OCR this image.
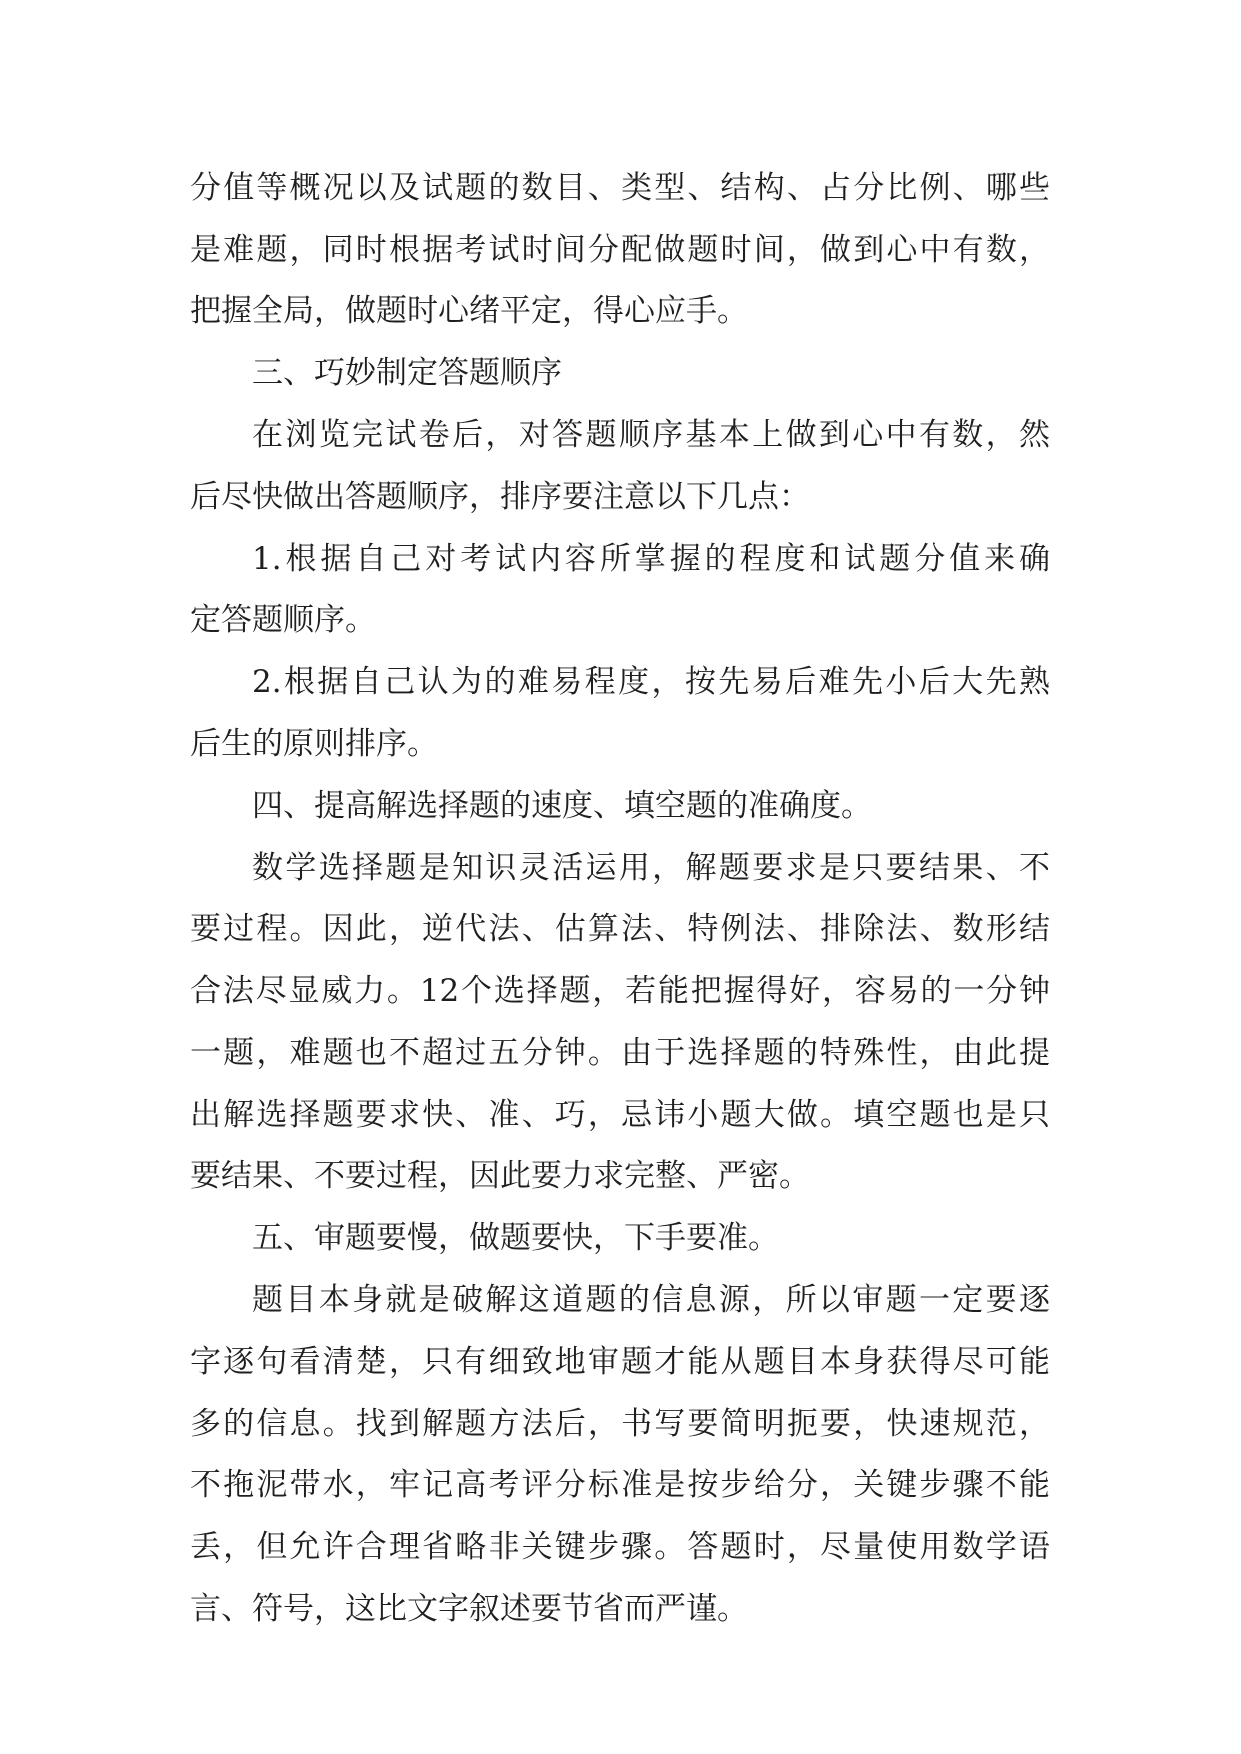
分值等概况以及试题的数目、类型、结构、占分比例、哪些
是难题，同时根据考试时间分配做题时间，做到心中有数，
把握全局，做题时心绪平定，得心应手。
三、巧妙制定答题顺序
在浏览完试卷后，对答题顺序基本上做到心中有数，然
后尽快做出答题顺序，排序要注意以下几点：
1.根据自己对考试内容所掌握的程度和试题分值来确
定答题顺序。
2.根据自己认为的难易程度，按先易后难先小后大先熟
后生的原则排序。
四、提高解选择题的速度、填空题的准确度。
数学选择题是知识灵活运用，解题要求是只要结果、不
要过程。因此，逆代法、估算法、特例法、排除法、数形结
合法尽显威力。12个选择题，若能把握得好，容易的一分钟
一题，难题也不超过五分钟。由于选择题的特殊性，由此提
出解选择题要求快、准、巧，忌讳小题大做。填空题也是只
要结果、不要过程，因此要力求完整、严密。
五、审题要慢，做题要快，下手要准。
题目本身就是破解这道题的信息源，所以审题一定要逐
字逐句看清楚，只有细致地审题才能从题目本身获得尽可能
多的信息。找到解题方法后，书写要简明扼要，快速规范，
不拖泥带水，牢记高考评分标准是按步给分，关键步骤不能
丢，但允许合理省略非关键步骤。答题时，尽量使用数学语
言、符号，这比文字叙述要节省而严谨。
